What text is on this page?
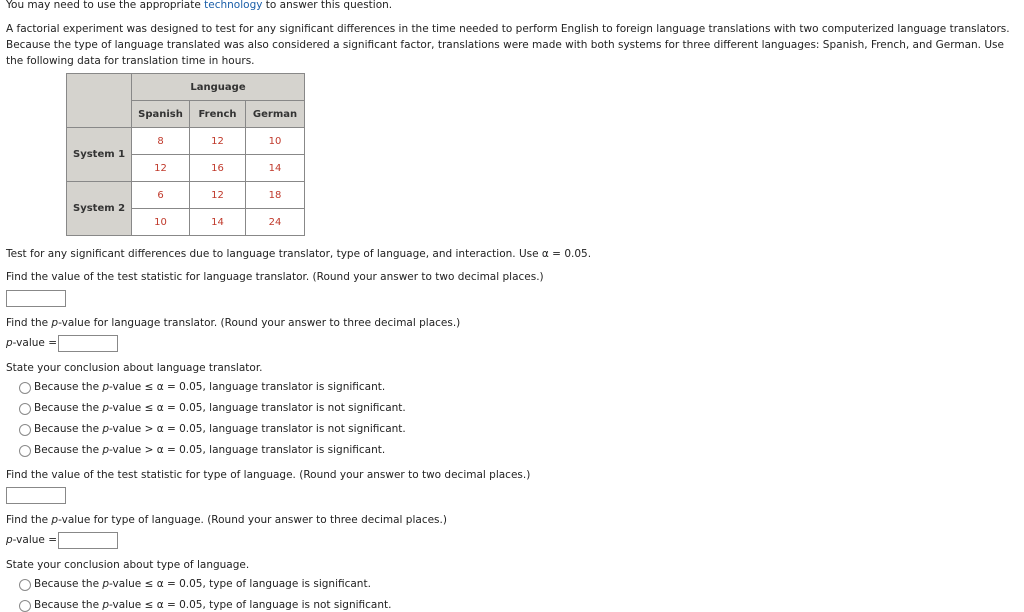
You may need to use the appropriate technology to answer this question.
A factorial experiment was designed to test for any significant differences in the time needed to perform English to foreign language translations with two computerized language translators. Because the type of language translated was also considered a significant factor, translations were made with both systems for three different languages: Spanish, French, and German. Use the following data for translation time in hours.
	Language		
	Spanish	French	German
System 1	8	12	10
	12	16	14
System 2	6	12	18
	10	14	24
Test for any significant differences due to language translator, type of language, and interaction. Use α = 0.05.
Find the value of the test statistic for language translator. (Round your answer to two decimal places.)
Find the p-value for language translator. (Round your answer to three decimal places.)
p-value =
State your conclusion about language translator.
Because the p-value ≤ α = 0.05, language translator is significant.
Because the p-value ≤ α = 0.05, language translator is not significant.
Because the p-value > α = 0.05, language translator is not significant.
Because the p-value > α = 0.05, language translator is significant.
Find the value of the test statistic for type of language. (Round your answer to two decimal places.)
Find the p-value for type of language. (Round your answer to three decimal places.)
p-value =
State your conclusion about type of language.
Because the p-value ≤ α = 0.05, type of language is significant.
Because the p-value ≤ α = 0.05, type of language is not significant.
